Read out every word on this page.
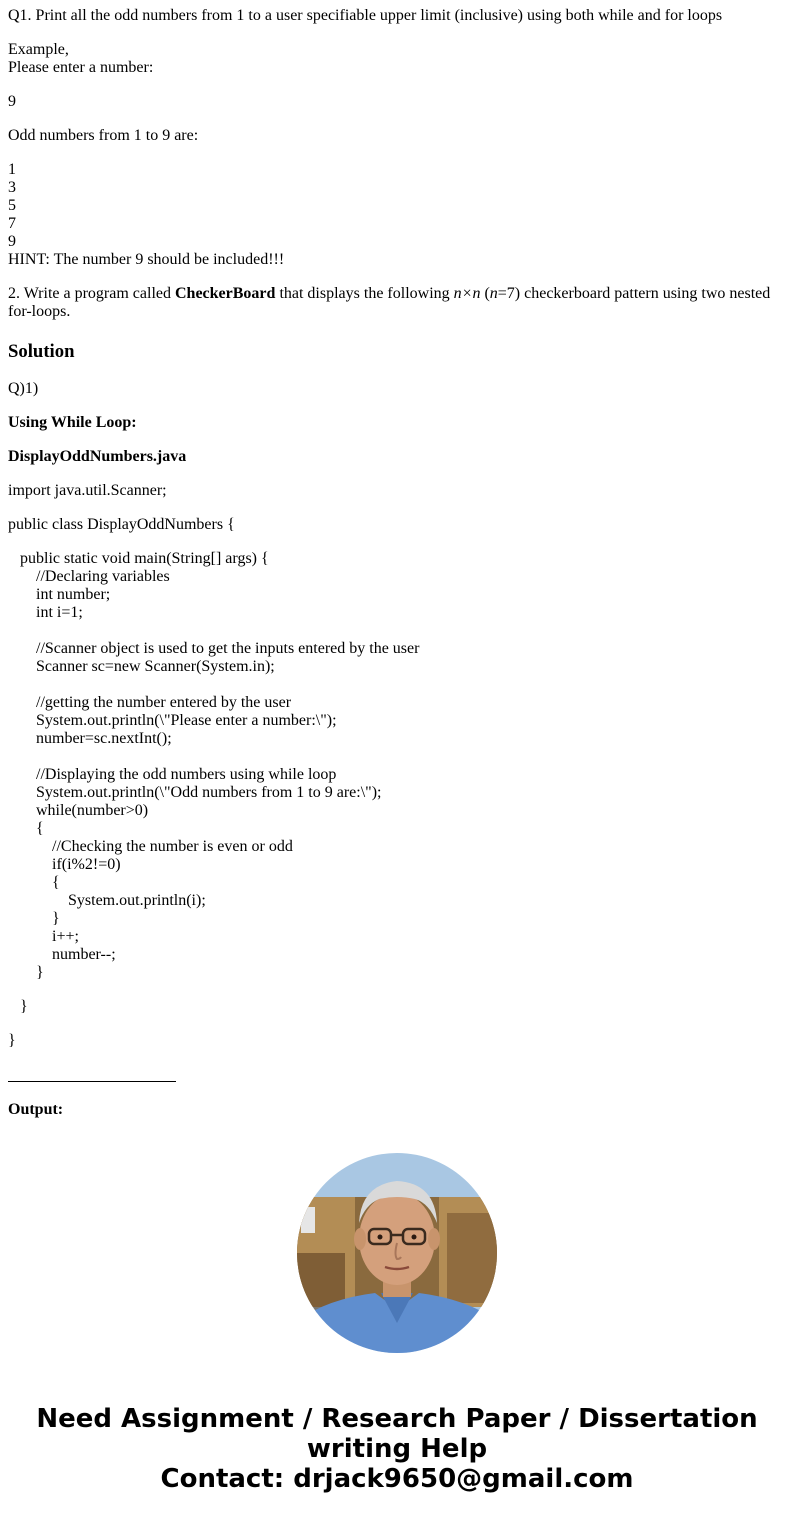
Q1. Print all the odd numbers from 1 to a user specifiable upper limit (inclusive) using both while and for loops
Example,
Please enter a number:
9
Odd numbers from 1 to 9 are:
1
3
5
7
9
HINT: The number 9 should be included!!!
2. Write a program called CheckerBoard that displays the following n×n (n=7) checkerboard pattern using two nested for-loops.
Solution
Q)1)
Using While Loop:
DisplayOddNumbers.java
import java.util.Scanner;
public class DisplayOddNumbers {
public static void main(String[] args) {
//Declaring variables
int number;
int i=1;
//Scanner object is used to get the inputs entered by the user
Scanner sc=new Scanner(System.in);
//getting the number entered by the user
System.out.println(\"Please enter a number:\");
number=sc.nextInt();
//Displaying the odd numbers using while loop
System.out.println(\"Odd numbers from 1 to 9 are:\");
while(number>0)
{
//Checking the number is even or odd
if(i%2!=0)
{
System.out.println(i);
}
i++;
number--;
}
}
}
Output:
Need Assignment / Research Paper / Dissertation
writing Help
Contact: drjack9650@gmail.com
